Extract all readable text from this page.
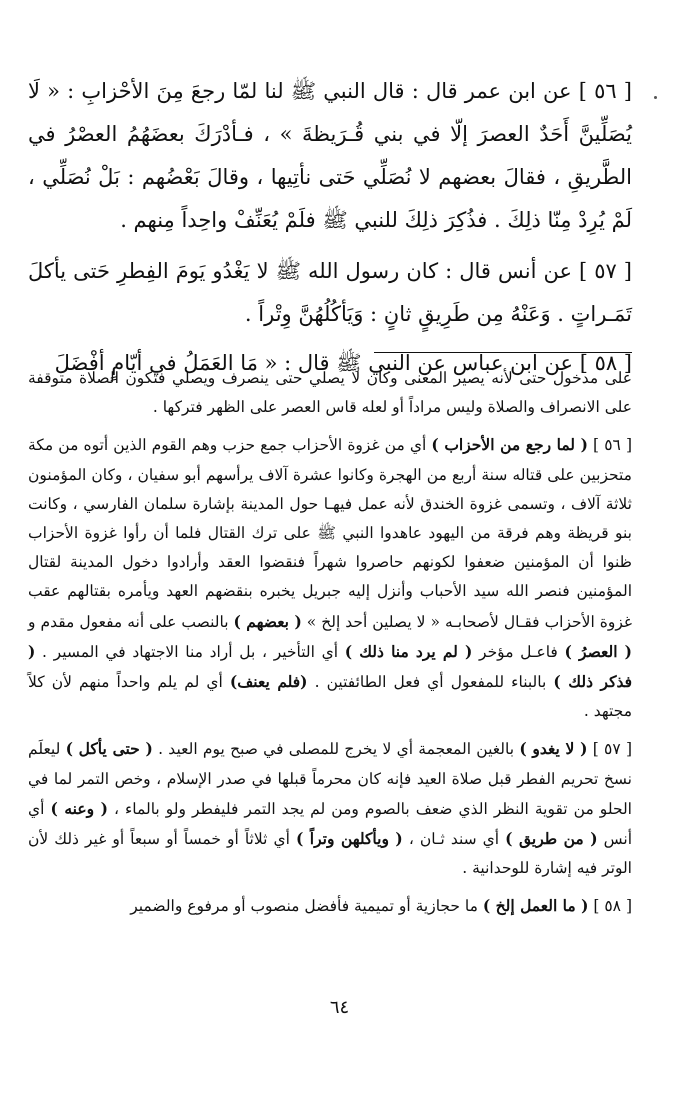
[ ٥٦ ] عن ابن عمر قال : قال النبي ﷺ لنا لمّا رجعَ مِنَ الأحْزابِ : « لَا يُصَلِّينَّ أَحَدٌ العصرَ إلّا في بني قُـرَيظةَ » ، فـأدْرَكَ بعضَهُمُ العصْرُ في الطَّريقِ ، فقالَ بعضهم لا نُصَلِّي حَتى نأتِيها ، وقالَ بَعْضُهم : بَلْ نُصَلِّي ، لَمْ يُرِدْ مِنّا ذلِكَ . فذُكِرَ ذلِكَ للنبي ﷺ فلَمْ يُعَنِّفْ واحِداً مِنهم .

[ ٥٧ ] عن أنس قال : كان رسول الله ﷺ لا يَغْدُو يَومَ الفِطرِ حَتى يأكلَ تَمَـراتٍ . وَعَنْهُ مِن طَرِيقٍ ثانٍ : وَيَأكُلُهُنَّ وِتْراً .

[ ٥٨ ] عن ابن عباس عن النبي ﷺ قال : « مَا العَمَلُ في أيّامٍ أفْضَلَ

على مدخول حتى لأنه يصير المعنى وكان لا يصلي حتى ينصرف ويصلي فتكون الصلاة متوقفة على الانصراف والصلاة وليس مراداً أو لعله قاس العصر على الظهر فتركها .

[ ٥٦ ] ( لما رجع من الأحزاب ) أي من غزوة الأحزاب جمع حزب وهم القوم الذين أتوه من مكة متحزبين على قتاله سنة أربع من الهجرة وكانوا عشرة آلاف يرأسهم أبو سفيان ، وكان المؤمنون ثلاثة آلاف ، وتسمى غزوة الخندق لأنه عمل فيهـا حول المدينة بإشارة سلمان الفارسي ، وكانت بنو قريظة وهم فرقة من اليهود عاهدوا النبي ﷺ على ترك القتال فلما أن رأوا غزوة الأحزاب ظنوا أن المؤمنين ضعفوا لكونهم حاصروا شهراً فنقضوا العقد وأرادوا دخول المدينة لقتال المؤمنين فنصر الله سيد الأحباب وأنزل إليه جبريل يخبره بنقضهم العهد ويأمره بقتالهم عقب غزوة الأحزاب فقـال لأصحابـه « لا يصلين أحد إلخ » ( بعضهم ) بالنصب على أنه مفعول مقدم و ( العصرُ ) فاعـل مؤخر ( لم يرد منا ذلك ) أي التأخير ، بل أراد منا الاجتهاد في المسير . ( فذكر ذلك ) بالبناء للمفعول أي فعل الطائفتين . (فلم يعنف) أي لم يلم واحداً منهم لأن كلاً مجتهد .

[ ٥٧ ] ( لا يغدو ) بالغين المعجمة أي لا يخرج للمصلى في صبح يوم العيد . ( حتى يأكل ) ليعلَم نسخ تحريم الفطر قبل صلاة العيد فإنه كان محرماً قبلها في صدر الإسلام ، وخص التمر لما في الحلو من تقوية النظر الذي ضعف بالصوم ومن لم يجد التمر فليفطر ولو بالماء ، ( وعنه ) أي أنس ( من طريق ) أي سند ثـان ، ( ويأكلهن وتراً ) أي ثلاثاً أو خمساً أو سبعاً أو غير ذلك لأن الوتر فيه إشارة للوحدانية .

[ ٥٨ ] ( ما العمل إلخ ) ما حجازية أو تميمية فأفضل منصوب أو مرفوع والضمير

٦٤
